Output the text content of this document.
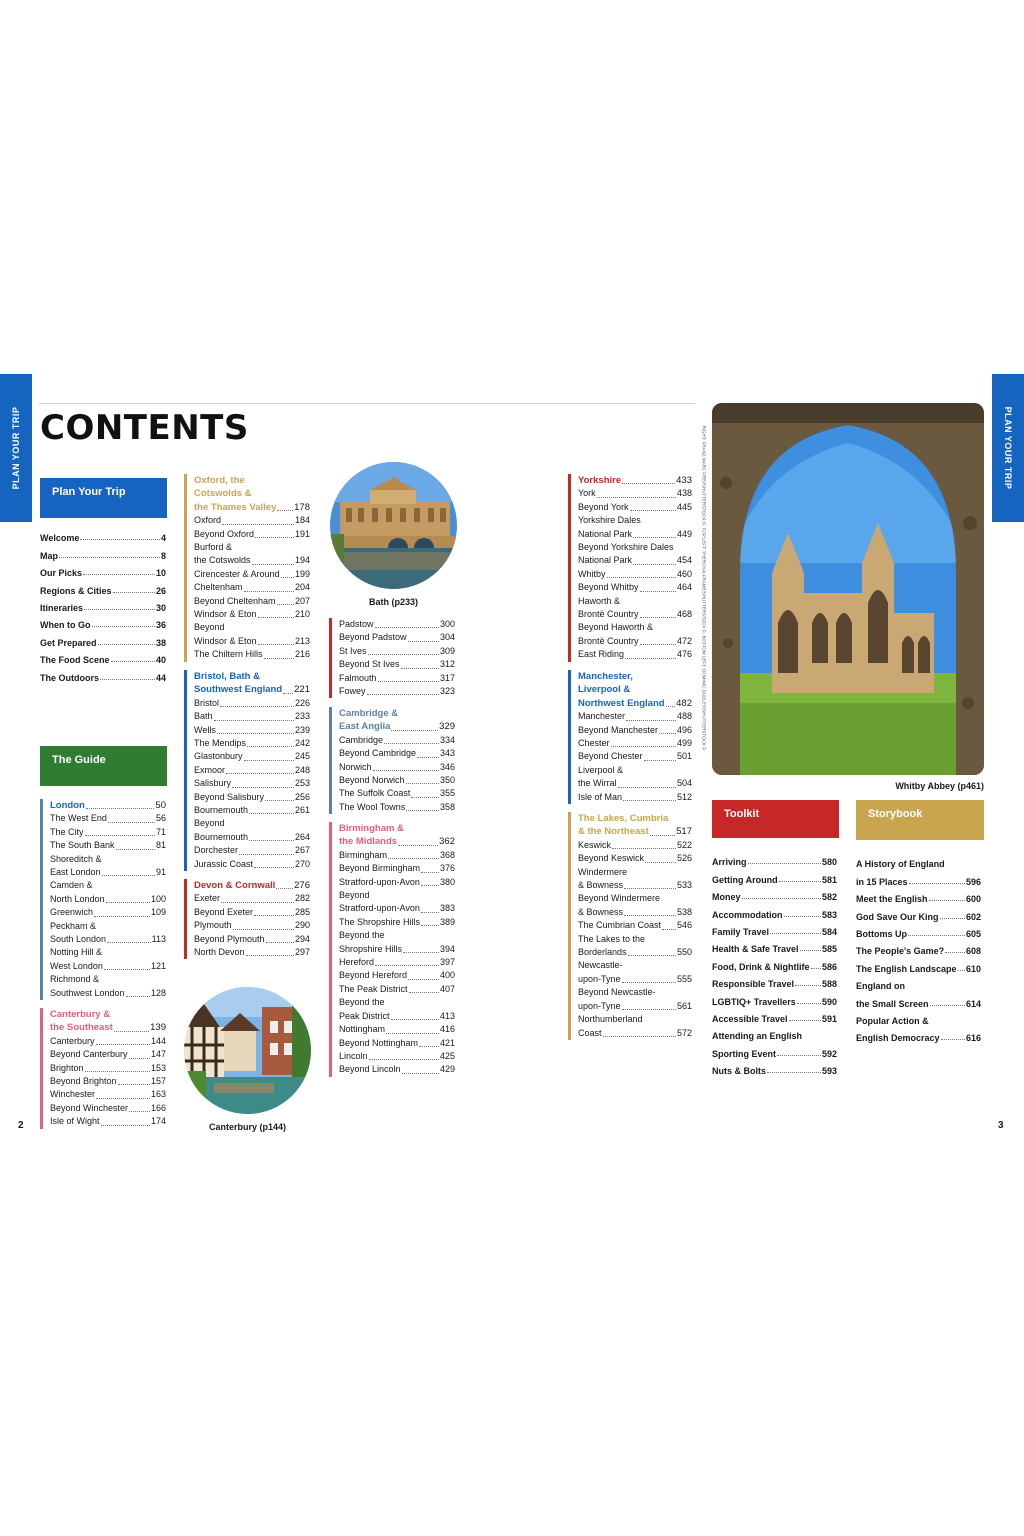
PLAN YOUR TRIP	PLAN YOUR TRIP
CONTENTS
Plan Your Trip
Welcome	4
Map	8
Our Picks	10
Regions & Cities	26
Itineraries	30
When to Go	36
Get Prepared	38
The Food Scene	40
The Outdoors	44
The Guide
London	50
The West End	56
The City	71
The South Bank	81
Shoreditch &
East London	91
Camden &
North London	100
Greenwich	109
Peckham &
South London	113
Notting Hill &
West London	121
Richmond &
Southwest London	128
Canterbury &
the Southeast	139
Canterbury	144
Beyond Canterbury	147
Brighton	153
Beyond Brighton	157
Winchester	163
Beyond Winchester	166
Isle of Wight	174
Oxford, the
Cotswolds &
the Thames Valley 178
Oxford	184
Beyond Oxford	191
Burford &
the Cotswolds	194
Cirencester & Around 199
Cheltenham	204
Beyond Cheltenham 207
Windsor & Eton	210
Beyond
Windsor & Eton	213
The Chiltern Hills	216
Bristol, Bath &
Southwest England 221
Bristol	226
Bath	233
Wells	239
The Mendips	242
Glastonbury	245
Exmoor	248
Salisbury	253
Beyond Salisbury	256
Bournemouth	261
Beyond
Bournemouth	264
Dorchester	267
Jurassic Coast	270
Devon & Cornwall 276
Exeter	282
Beyond Exeter	285
Plymouth	290
Beyond Plymouth	294
North Devon	297
Bath (p233)
Canterbury (p144)
Padstow	300
Beyond Padstow	304
St Ives	309
Beyond St Ives	312
Falmouth	317
Fowey	323
Cambridge &
East Anglia	329
Cambridge	334
Beyond Cambridge	343
Norwich	346
Beyond Norwich	350
The Suffolk Coast	355
The Wool Towns	358
Birmingham &
the Midlands	362
Birmingham	368
Beyond Birmingham 376
Stratford-upon-Avon 380
Beyond
Stratford-upon-Avon 383
The Shropshire Hills 389
Beyond the
Shropshire Hills	394
Hereford	397
Beyond Hereford	400
The Peak District	407
Beyond the
Peak District	413
Nottingham	416
Beyond Nottingham 421
Lincoln	425
Beyond Lincoln	429
Yorkshire	433
York	438
Beyond York	445
Yorkshire Dales
National Park	449
Beyond Yorkshire Dales
National Park	454
Whitby	460
Beyond Whitby	464
Haworth &
Brontë Country	468
Beyond Haworth &
Brontë Country	472
East Riding	476
Manchester,
Liverpool &
Northwest England 482
Manchester	488
Beyond Manchester 496
Chester	499
Beyond Chester	501
Liverpool &
the Wirral	504
Isle of Man	512
The Lakes, Cumbria
& the Northeast	517
Keswick	522
Beyond Keswick	526
Windermere
& Bowness	533
Beyond Windermere
& Bowness	538
The Cumbrian Coast 546
The Lakes to the
Borderlands	550
Newcastle-
upon-Tyne	555
Beyond Newcastle-
upon-Tyne	561
Northumberland
Coast	572
RIGHT: FRANZ MARC FREI/SHUTTERSTOCK ©, TOP LEFT: THEROYALFRAME/SHUTTERSTOCK ©, BOTTOM LEFT: DOMINIC DUDLEY/SHUTTERSTOCK ©
Whitby Abbey (p461)
Toolkit
Arriving	580
Getting Around	581
Money	582
Accommodation	583
Family Travel	584
Health & Safe Travel	585
Food, Drink & Nightlife 586
Responsible Travel	588
LGBTIQ+ Travellers	590
Accessible Travel	591
Attending an English
Sporting Event	592
Nuts & Bolts	593
Storybook
A History of England
in 15 Places	596
Meet the English	600
God Save Our King	602
Bottoms Up	605
The People's Game? 608
The English Landscape 610
England on
the Small Screen	614
Popular Action &
English Democracy	616
2	3
